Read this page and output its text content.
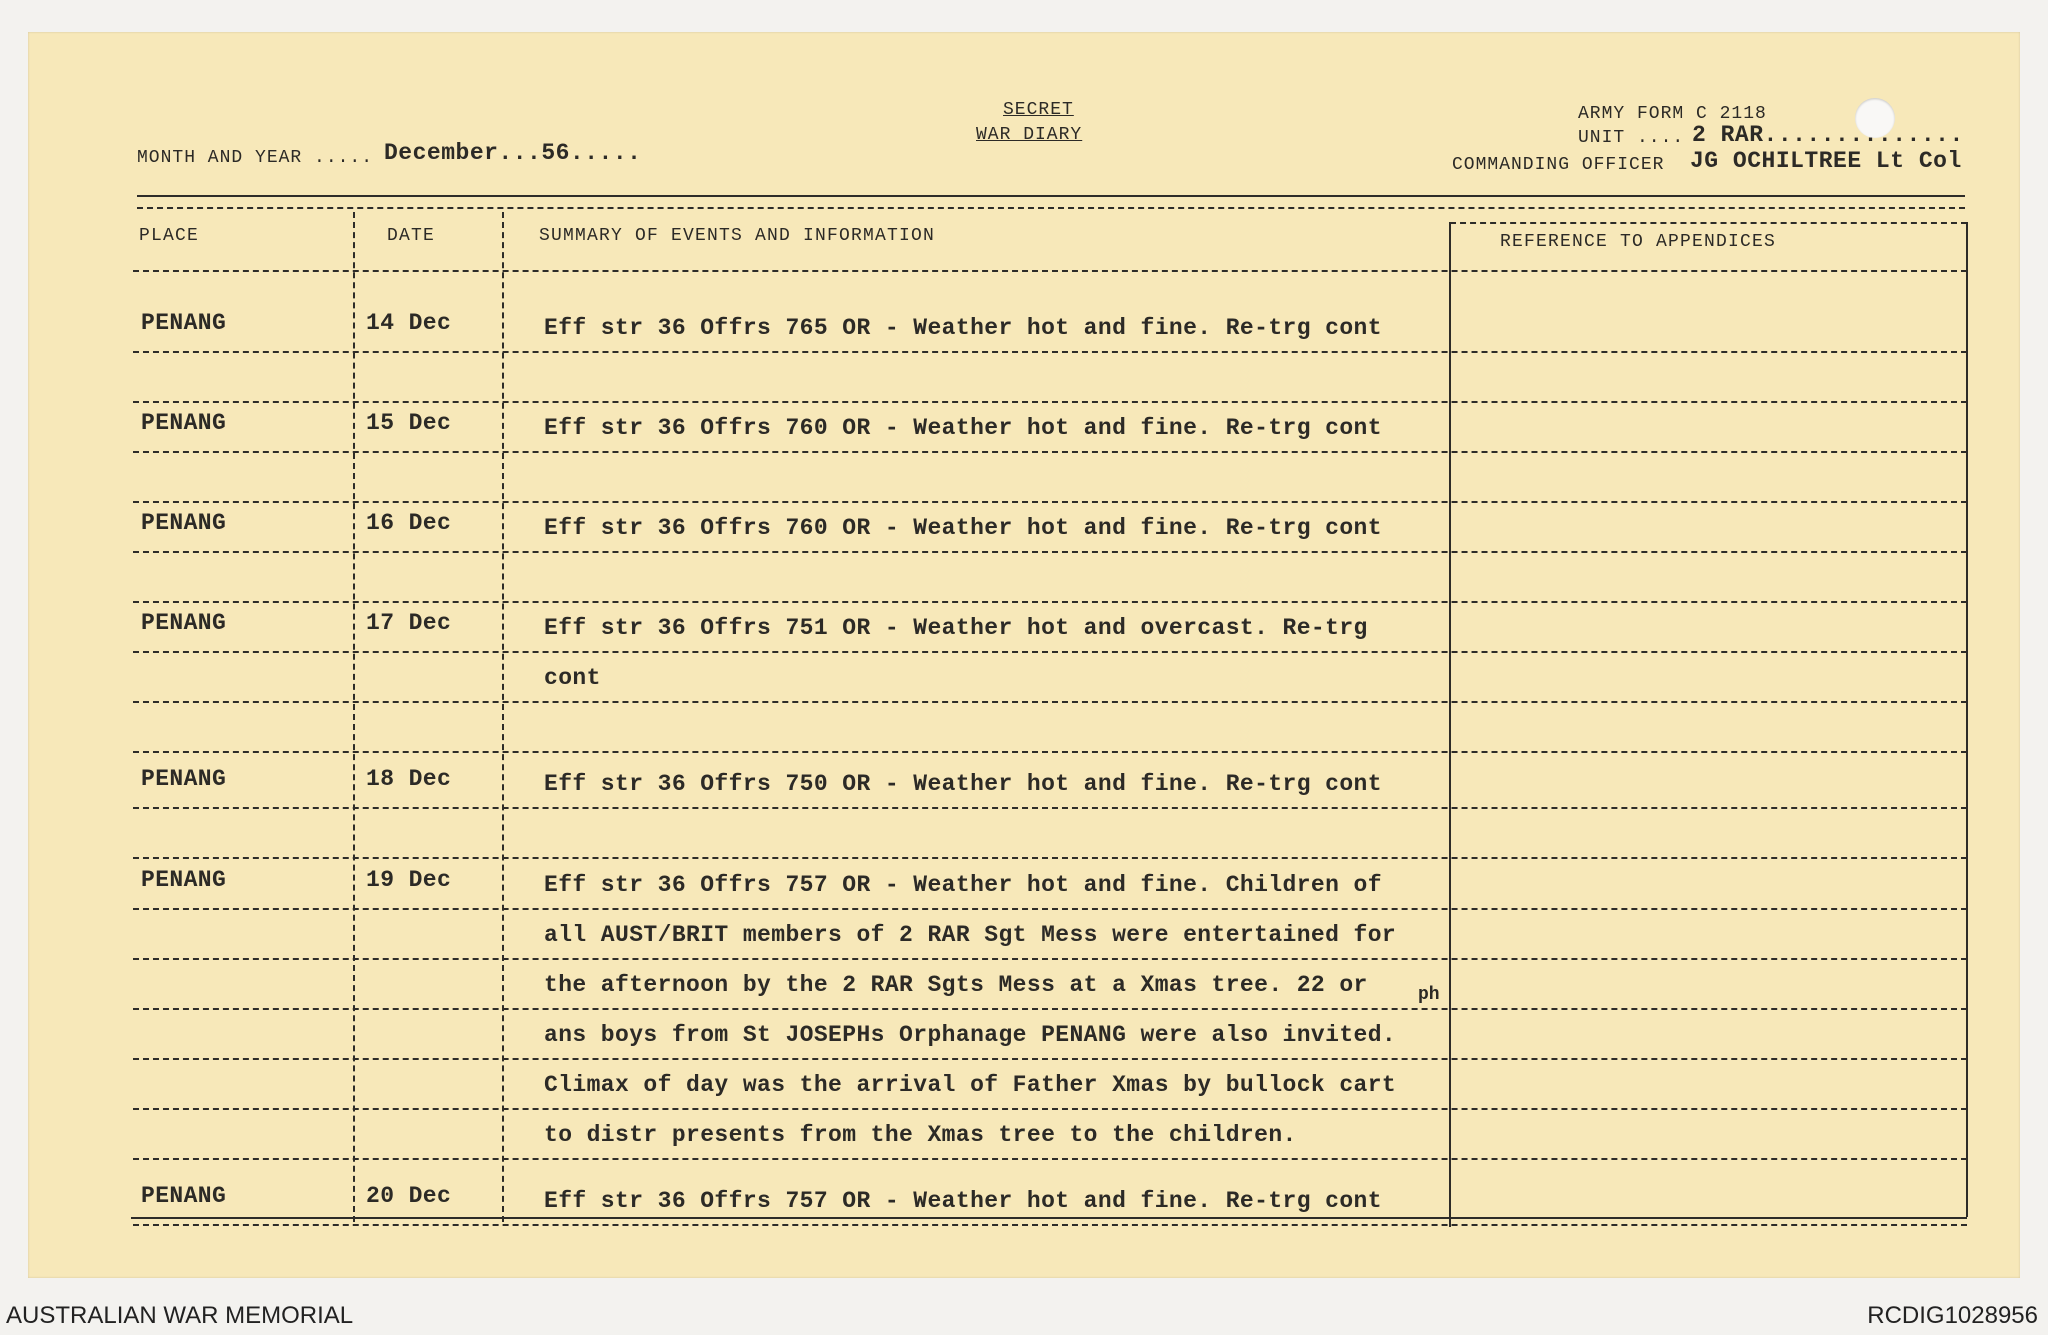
MONTH AND YEAR ..... December...56.....
SECRET
WAR DIARY
ARMY FORM C 2118
UNIT .... 2 RAR..............
COMMANDING OFFICER JG OCHILTREE Lt Col
PLACE	DATE	SUMMARY OF EVENTS AND INFORMATION	REFERENCE TO APPENDICES
PENANG	14 Dec	Eff str 36 Offrs 765 OR - Weather hot and fine. Re-trg cont
PENANG	15 Dec	Eff str 36 Offrs 760 OR - Weather hot and fine. Re-trg cont
PENANG	16 Dec	Eff str 36 Offrs 760 OR - Weather hot and fine. Re-trg cont
PENANG	17 Dec	Eff str 36 Offrs 751 OR - Weather hot and overcast. Re-trg
cont
PENANG	18 Dec	Eff str 36 Offrs 750 OR - Weather hot and fine. Re-trg cont
PENANG	19 Dec	Eff str 36 Offrs 757 OR - Weather hot and fine. Children of
all AUST/BRIT members of 2 RAR Sgt Mess were entertained for
the afternoon by the 2 RAR Sgts Mess at a Xmas tree. 22 or
ans boys from St JOSEPHs Orphanage PENANG were also invited.
Climax of day was the arrival of Father Xmas by bullock cart
to distr presents from the Xmas tree to the children.
ph
PENANG	20 Dec	Eff str 36 Offrs 757 OR - Weather hot and fine. Re-trg cont
AUSTRALIAN WAR MEMORIAL	RCDIG1028956
